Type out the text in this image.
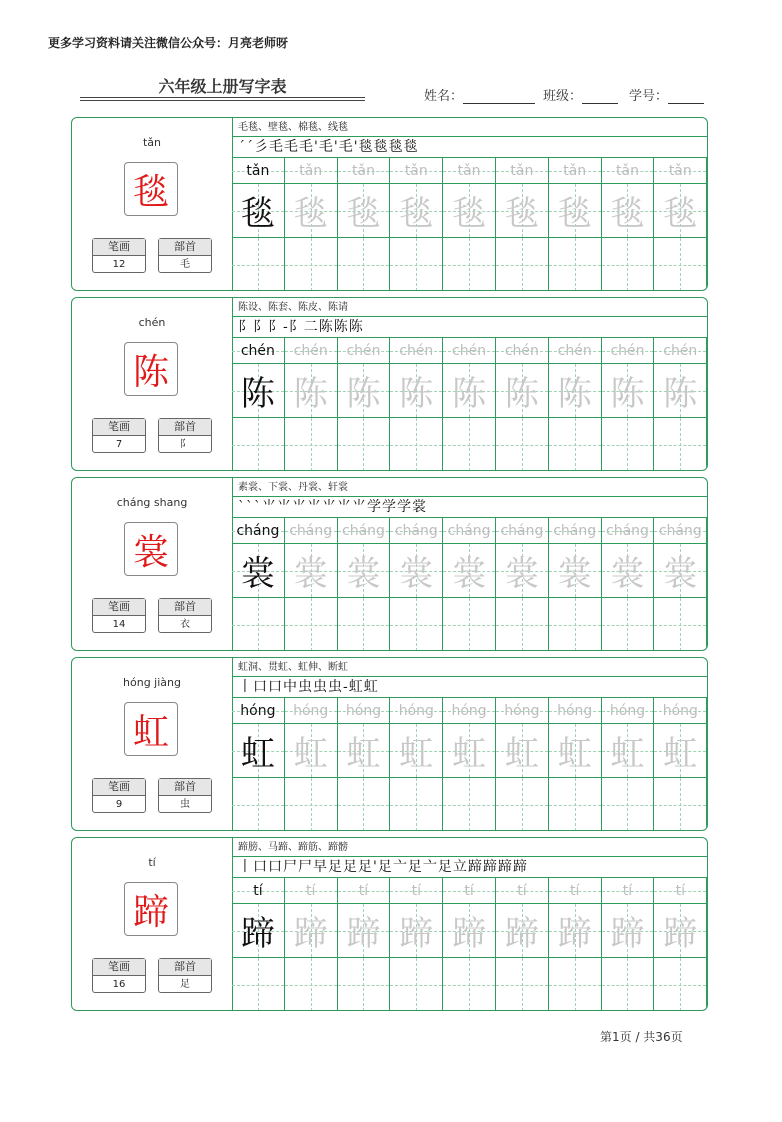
更多学习资料请关注微信公众号：月亮老师呀
六年级上册写字表
姓名：	班级：	学号：
tǎn
毯
笔画
12
部首
毛
毛毯、壁毯、棉毯、线毯
ˊˊ彡毛毛毛'毛'毛'毯毯毯毯
tǎn
毯
tǎn
毯
tǎn
毯
tǎn
毯
tǎn
毯
tǎn
毯
tǎn
毯
tǎn
毯
tǎn
毯
chén
陈
笔画
7
部首
阝
陈设、陈套、陈皮、陈请
阝阝阝-阝二陈陈陈
chén
陈
chén
陈
chén
陈
chén
陈
chén
陈
chén
陈
chén
陈
chén
陈
chén
陈
cháng shang
裳
笔画
14
部首
衣
素裳、下裳、丹裳、轩裳
ˋˋˋ⺌⺌⺌⺌⺌⺌⺌学学学裳
cháng
裳
cháng
裳
cháng
裳
cháng
裳
cháng
裳
cháng
裳
cháng
裳
cháng
裳
cháng
裳
hóng jiàng
虹
笔画
9
部首
虫
虹洞、贯虹、虹伸、断虹
丨口口中虫虫虫-虹虹
hóng
虹
hóng
虹
hóng
虹
hóng
虹
hóng
虹
hóng
虹
hóng
虹
hóng
虹
hóng
虹
tí
蹄
笔画
16
部首
足
蹄膀、马蹄、蹄筋、蹄髈
丨口口尸尸早足足足'足亠足亠足立蹄蹄蹄蹄
tí
蹄
tí
蹄
tí
蹄
tí
蹄
tí
蹄
tí
蹄
tí
蹄
tí
蹄
tí
蹄
第1页 / 共36页
